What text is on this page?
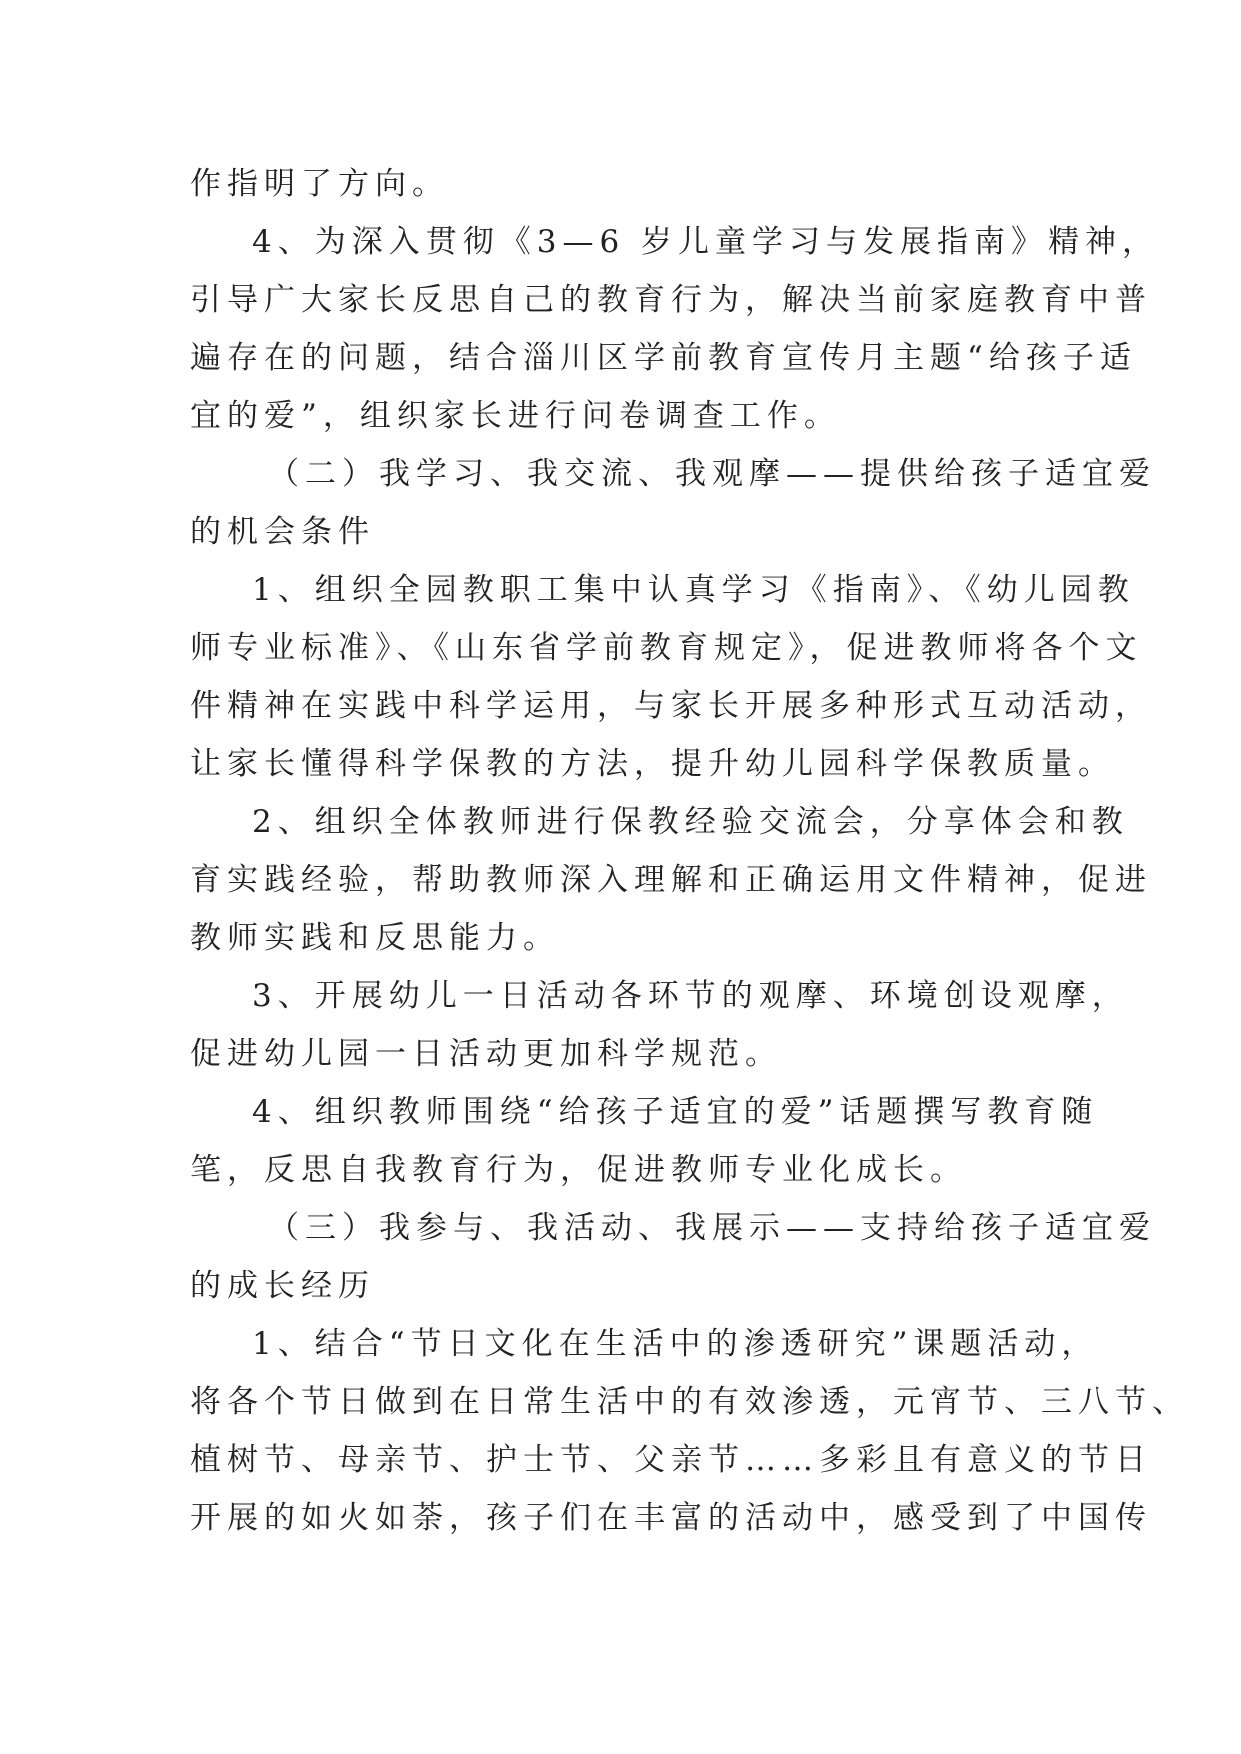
作指明了方向。
4、为深入贯彻《3—6 岁儿童学习与发展指南》精神，
引导广大家长反思自己的教育行为，解决当前家庭教育中普
遍存在的问题，结合淄川区学前教育宣传月主题“给孩子适
宜的爱”，组织家长进行问卷调查工作。
（二）我学习、我交流、我观摩——提供给孩子适宜爱
的机会条件
1、组织全园教职工集中认真学习《指南》、《幼儿园教
师专业标准》、《山东省学前教育规定》，促进教师将各个文
件精神在实践中科学运用，与家长开展多种形式互动活动，
让家长懂得科学保教的方法，提升幼儿园科学保教质量。
2、组织全体教师进行保教经验交流会，分享体会和教
育实践经验，帮助教师深入理解和正确运用文件精神，促进
教师实践和反思能力。
3、开展幼儿一日活动各环节的观摩、环境创设观摩，
促进幼儿园一日活动更加科学规范。
4、组织教师围绕“给孩子适宜的爱”话题撰写教育随
笔，反思自我教育行为，促进教师专业化成长。
（三）我参与、我活动、我展示——支持给孩子适宜爱
的成长经历
1、结合“节日文化在生活中的渗透研究”课题活动，
将各个节日做到在日常生活中的有效渗透，元宵节、三八节、
植树节、母亲节、护士节、父亲节……多彩且有意义的节日
开展的如火如荼，孩子们在丰富的活动中，感受到了中国传
